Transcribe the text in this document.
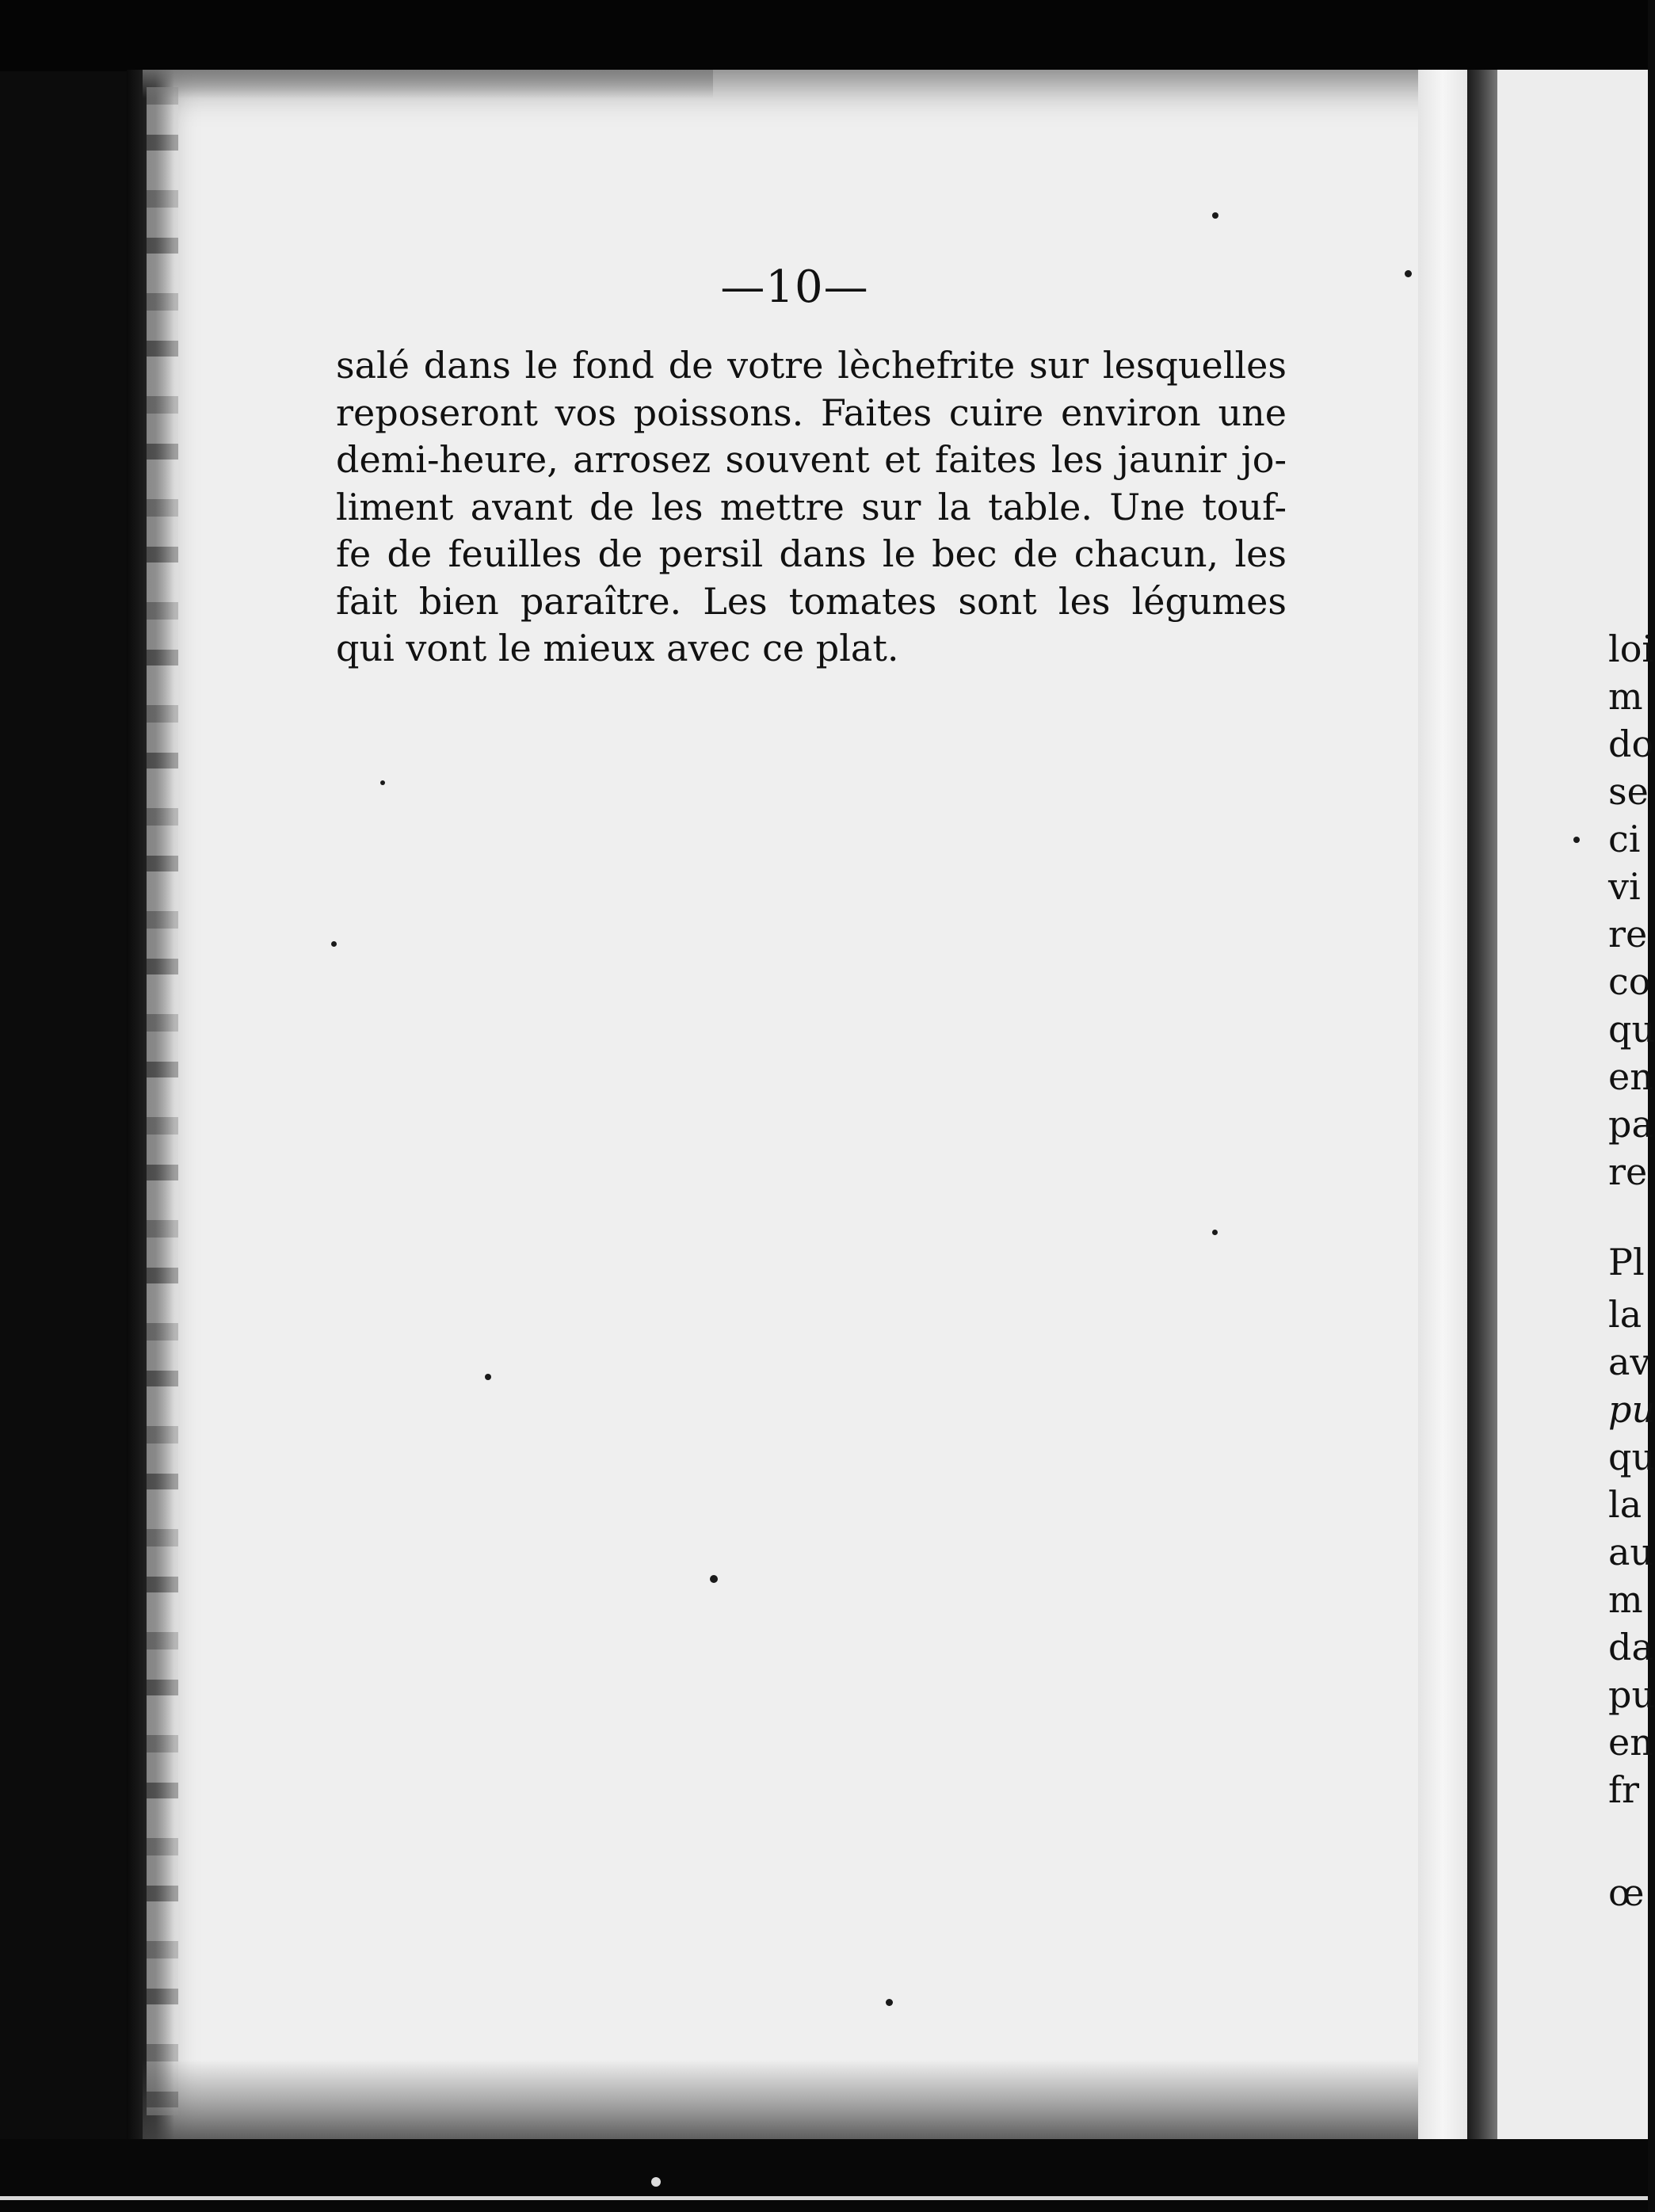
—10—
salé dans le fond de votre lèchefrite sur lesquelles
reposeront vos poissons. Faites cuire environ une
demi-heure, arrosez souvent et faites les jaunir jo-
liment avant de les mettre sur la table. Une touf-
fe de feuilles de persil dans le bec de chacun, les
fait bien paraître. Les tomates sont les légumes
qui vont le mieux avec ce plat.	loi
m
do
se
ci
vi
re
co
qu
en
pa
re
Pl
la
av
pu
qu
la
au
m
da
pu
en
fr
œ
